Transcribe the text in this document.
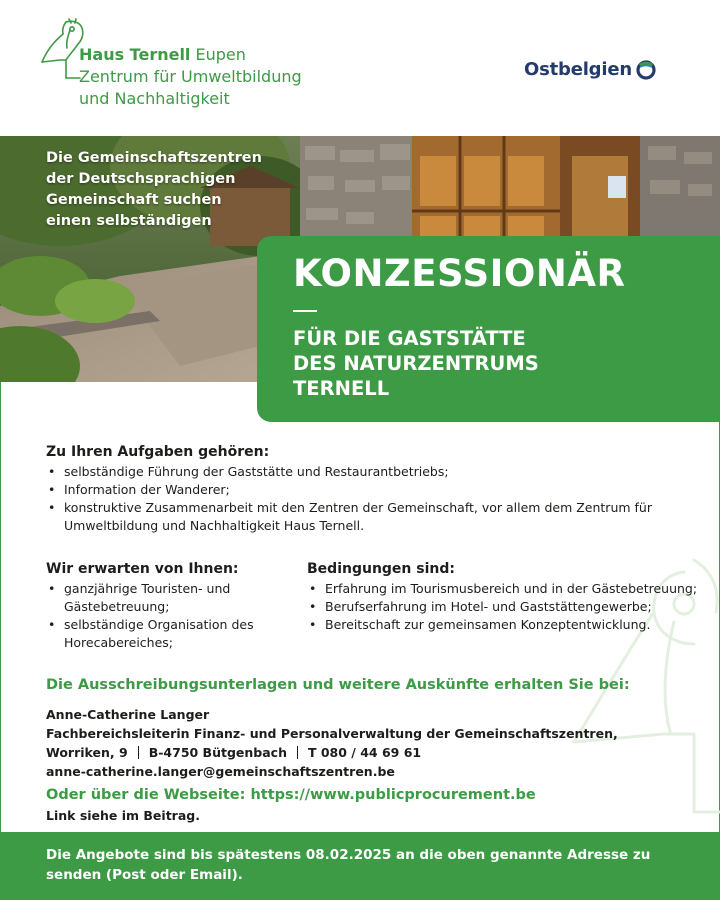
Haus Ternell Eupen
Zentrum für Umweltbildung
und Nachhaltigkeit
Ostbelgien
Die Gemeinschaftszentren
der Deutschsprachigen
Gemeinschaft suchen
einen selbständigen
KONZESSIONÄR
FÜR DIE GASTSTÄTTE
DES NATURZENTRUMS
TERNELL
Zu Ihren Aufgaben gehören:
• selbständige Führung der Gaststätte und Restaurantbetriebs;
• Information der Wanderer;
• konstruktive Zusammenarbeit mit den Zentren der Gemeinschaft, vor allem dem Zentrum für Umweltbildung und Nachhaltigkeit Haus Ternell.
Wir erwarten von Ihnen:
• ganzjährige Touristen- und Gästebetreuung;
• selbständige Organisation des Horecabereiches;
Bedingungen sind:
• Erfahrung im Tourismusbereich und in der Gästebetreuung;
• Berufserfahrung im Hotel- und Gaststättengewerbe;
• Bereitschaft zur gemeinsamen Konzeptentwicklung.
Die Ausschreibungsunterlagen und weitere Auskünfte erhalten Sie bei:
Anne-Catherine Langer
Fachbereichsleiterin Finanz- und Personalverwaltung der Gemeinschaftszentren,
Worriken, 9 B-4750 Bütgenbach T 080 / 44 69 61
anne-catherine.langer@gemeinschaftszentren.be
Oder über die Webseite: https://www.publicprocurement.be
Link siehe im Beitrag.
Die Angebote sind bis spätestens 08.02.2025 an die oben genannte Adresse zu senden (Post oder Email).
